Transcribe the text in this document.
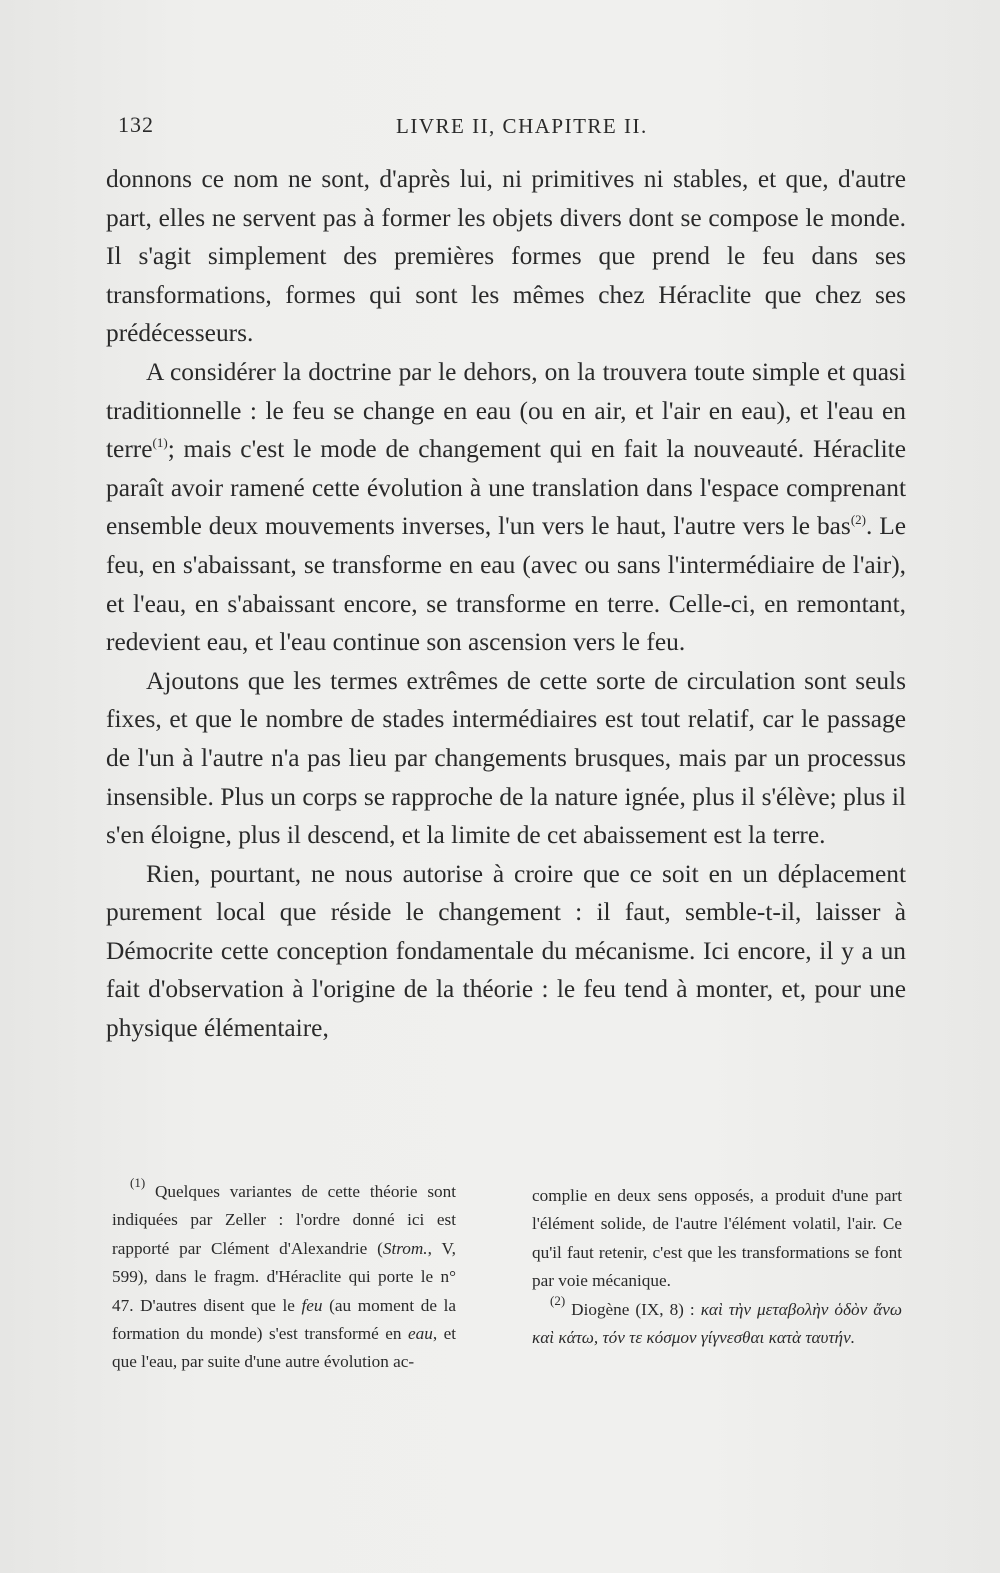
132	LIVRE II, CHAPITRE II.

donnons ce nom ne sont, d'après lui, ni primitives ni stables, et que, d'autre part, elles ne servent pas à former les objets divers dont se compose le monde. Il s'agit simplement des premières formes que prend le feu dans ses transformations, formes qui sont les mêmes chez Héraclite que chez ses prédécesseurs.

A considérer la doctrine par le dehors, on la trouvera toute simple et quasi traditionnelle : le feu se change en eau (ou en air, et l'air en eau), et l'eau en terre$^{(1)}$; mais c'est le mode de changement qui en fait la nouveauté. Héraclite paraît avoir ramené cette évolution à une translation dans l'espace comprenant ensemble deux mouvements inverses, l'un vers le haut, l'autre vers le bas$^{(2)}$. Le feu, en s'abaissant, se transforme en eau (avec ou sans l'intermédiaire de l'air), et l'eau, en s'abaissant encore, se transforme en terre. Celle-ci, en remontant, redevient eau, et l'eau continue son ascension vers le feu.

Ajoutons que les termes extrêmes de cette sorte de circulation sont seuls fixes, et que le nombre de stades intermédiaires est tout relatif, car le passage de l'un à l'autre n'a pas lieu par changements brusques, mais par un processus insensible. Plus un corps se rapproche de la nature ignée, plus il s'élève; plus il s'en éloigne, plus il descend, et la limite de cet abaissement est la terre.

Rien, pourtant, ne nous autorise à croire que ce soit en un déplacement purement local que réside le changement : il faut, semble-t-il, laisser à Démocrite cette conception fondamentale du mécanisme. Ici encore, il y a un fait d'observation à l'origine de la théorie : le feu tend à monter, et, pour une physique élémentaire,

$^{(1)}$ Quelques variantes de cette théorie sont indiquées par Zeller : l'ordre donné ici est rapporté par Clément d'Alexandrie (Strom., V, 599), dans le fragm. d'Héraclite qui porte le n° 47. D'autres disent que le feu (au moment de la formation du monde) s'est transformé en eau, et que l'eau, par suite d'une autre évolution ac-

complie en deux sens opposés, a produit d'une part l'élément solide, de l'autre l'élément volatil, l'air. Ce qu'il faut retenir, c'est que les transformations se font par voie mécanique.

$^{(2)}$ Diogène (IX, 8) : καὶ τὴν μεταβολὴν ὁδὸν ἄνω καὶ κάτω, τόν τε κόσμον γίγνεσθαι κατὰ ταυτήν.
